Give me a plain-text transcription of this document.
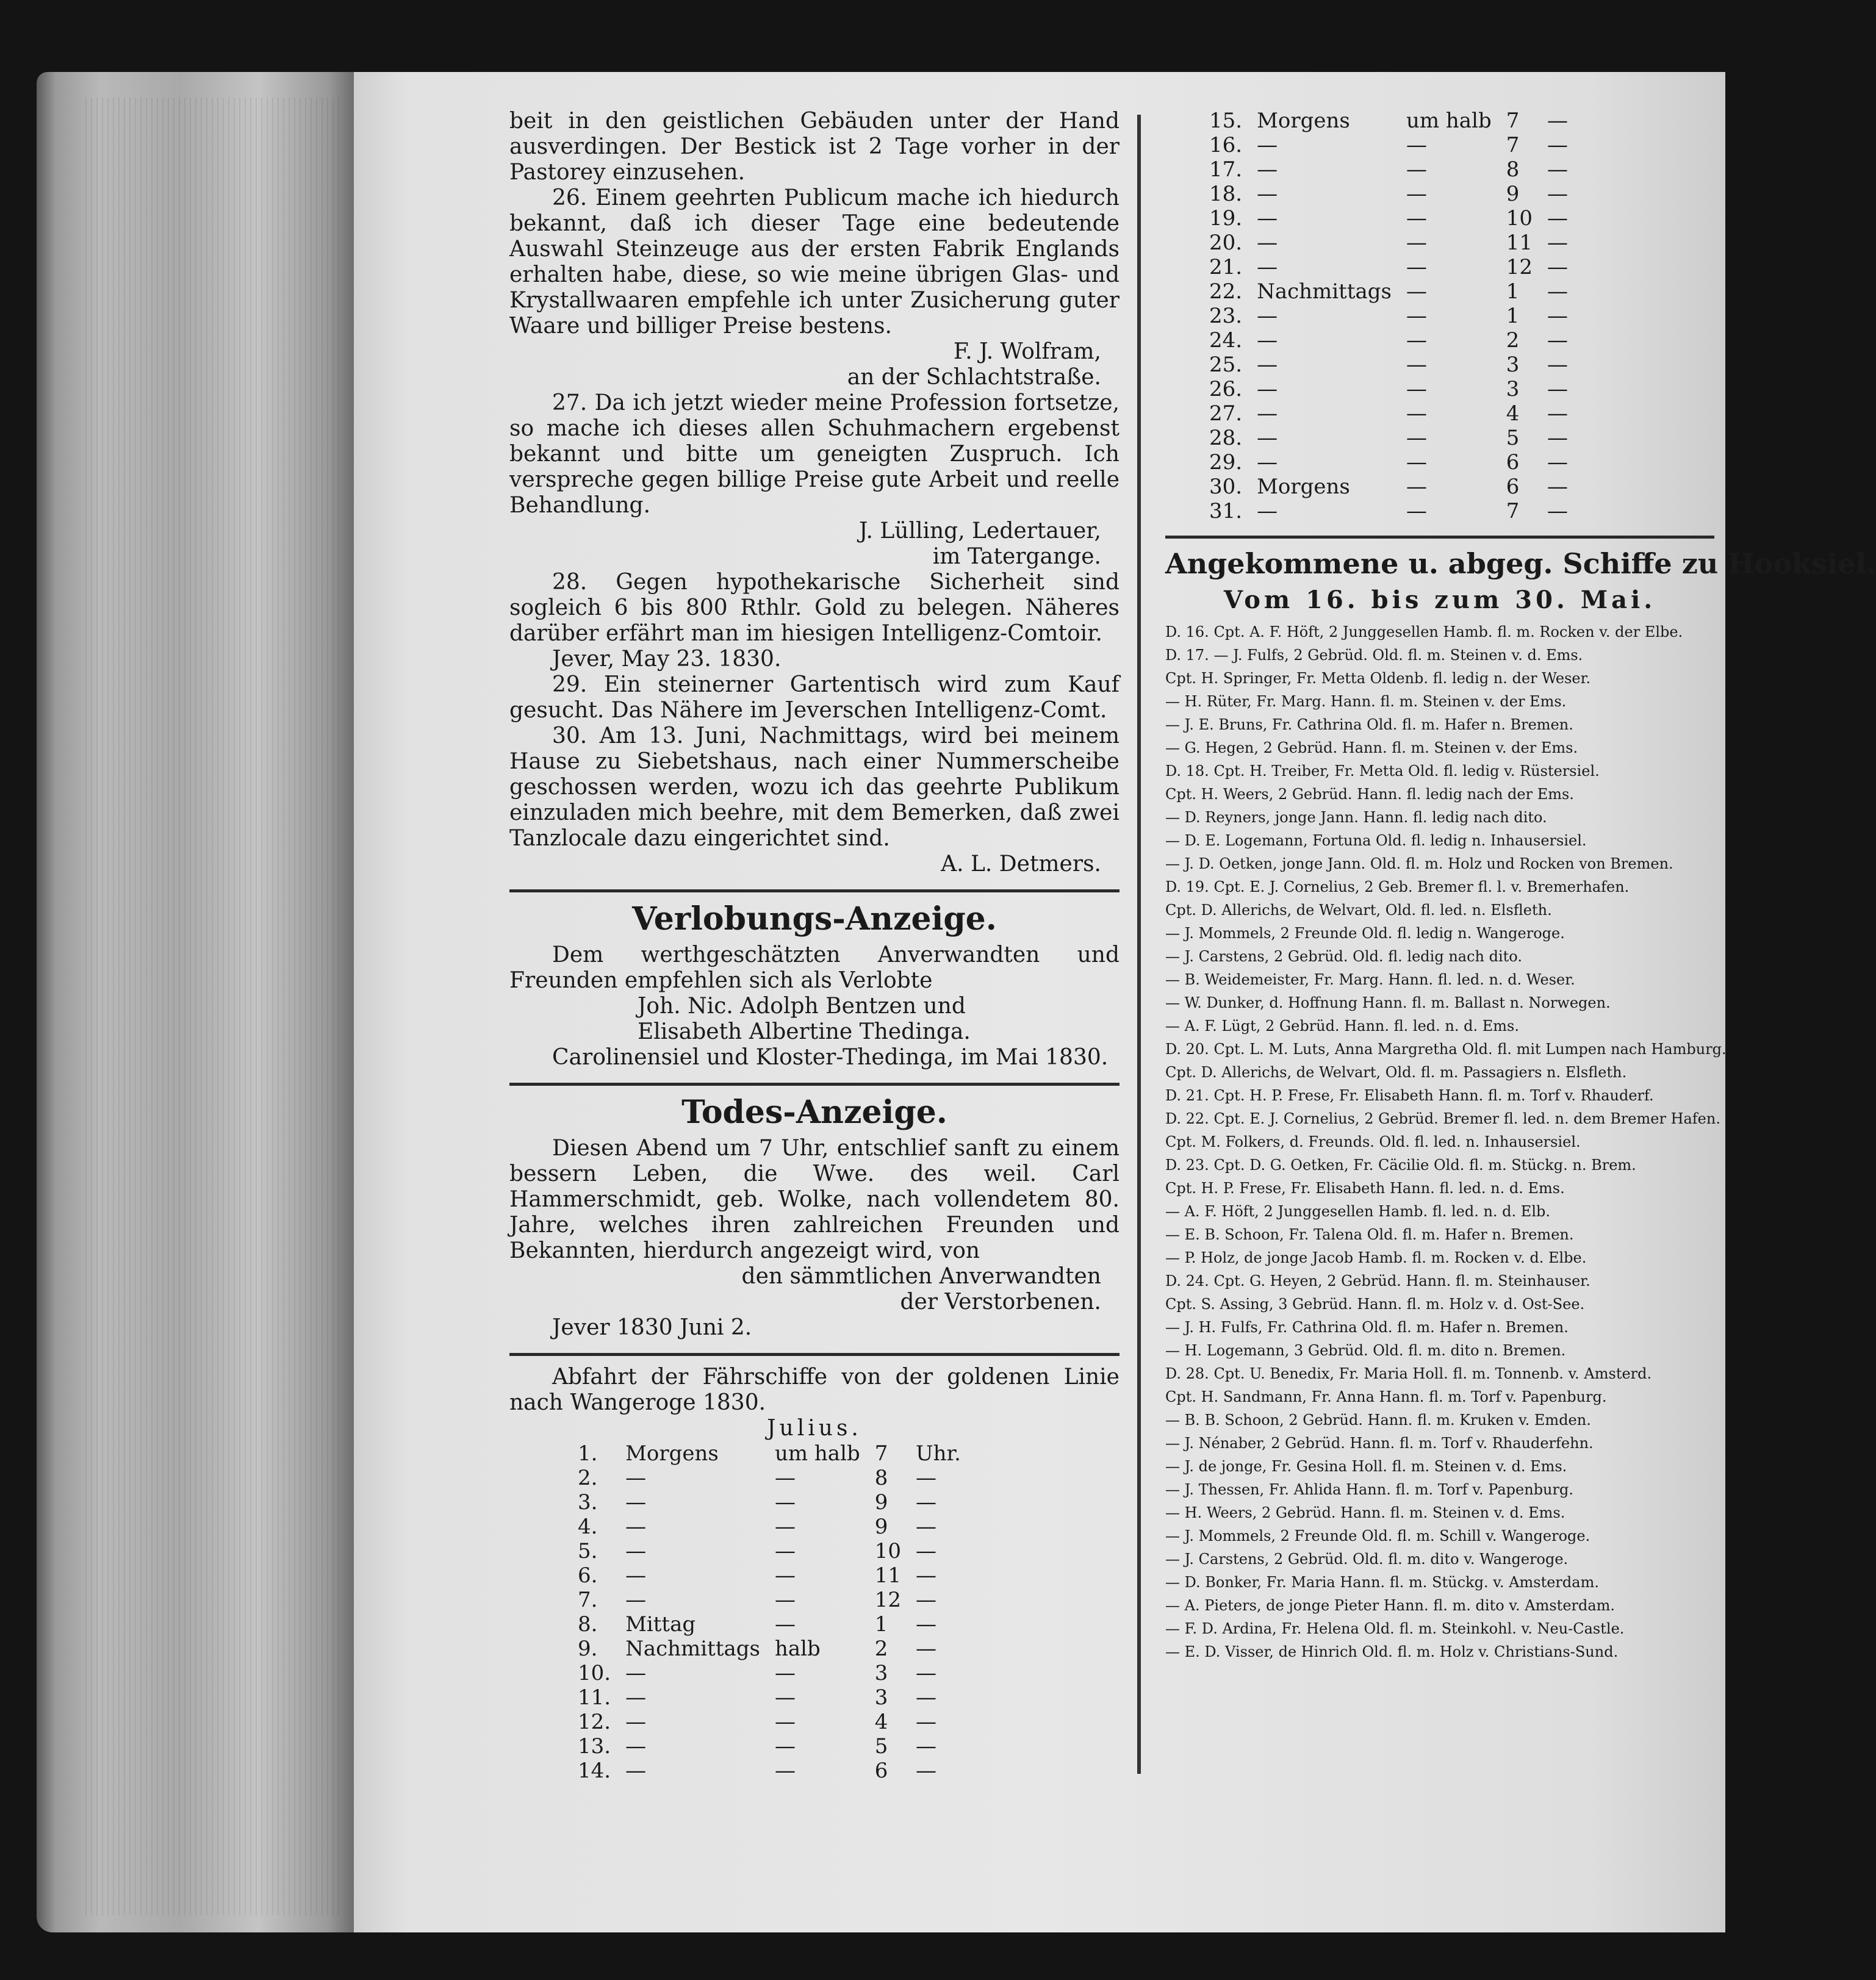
beit in den geistlichen Gebäuden unter der Hand ausverdingen. Der Bestick ist 2 Tage vorher in der Pastorey einzusehen.

26. Einem geehrten Publicum mache ich hiedurch bekannt, daß ich dieser Tage eine bedeutende Auswahl Steinzeuge aus der ersten Fabrik Englands erhalten habe, diese, so wie meine übrigen Glas- und Krystallwaaren empfehle ich unter Zusicherung guter Waare und billiger Preise bestens.

F. J. Wolfram,

an der Schlachtstraße.

27. Da ich jetzt wieder meine Profession fortsetze, so mache ich dieses allen Schuhmachern ergebenst bekannt und bitte um geneigten Zuspruch. Ich verspreche gegen billige Preise gute Arbeit und reelle Behandlung.

J. Lülling, Ledertauer,

im Tatergange.

28. Gegen hypothekarische Sicherheit sind sogleich 6 bis 800 Rthlr. Gold zu belegen. Näheres darüber erfährt man im hiesigen Intelligenz-Comtoir.

Jever, May 23. 1830.

29. Ein steinerner Gartentisch wird zum Kauf gesucht. Das Nähere im Jeverschen Intelligenz-Comt.

30. Am 13. Juni, Nachmittags, wird bei meinem Hause zu Siebetshaus, nach einer Nummerscheibe geschossen werden, wozu ich das geehrte Publikum einzuladen mich beehre, mit dem Bemerken, daß zwei Tanzlocale dazu eingerichtet sind.

A. L. Detmers.

Verlobungs-Anzeige.

Dem werthgeschätzten Anverwandten und Freunden empfehlen sich als Verlobte

Joh. Nic. Adolph Bentzen und

Elisabeth Albertine Thedinga.

Carolinensiel und Kloster-Thedinga, im Mai 1830.

Todes-Anzeige.

Diesen Abend um 7 Uhr, entschlief sanft zu einem bessern Leben, die Wwe. des weil. Carl Hammerschmidt, geb. Wolke, nach vollendetem 80. Jahre, welches ihren zahlreichen Freunden und Bekannten, hierdurch angezeigt wird, von

den sämmtlichen Anverwandten

der Verstorbenen.

Jever 1830 Juni 2.

Abfahrt der Fährschiffe von der goldenen Linie nach Wangeroge 1830.

Julius.

1.	Morgens	um halb	7	Uhr.
2.	—	—	8	—
3.	—	—	9	—
4.	—	—	9	—
5.	—	—	10	—
6.	—	—	11	—
7.	—	—	12	—
8.	Mittag	—	1	—
9.	Nachmittags	halb	2	—
10.	—	—	3	—
11.	—	—	3	—
12.	—	—	4	—
13.	—	—	5	—
14.	—	—	6	—
15.	Morgens	um halb	7	—
16.	—	—	7	—
17.	—	—	8	—
18.	—	—	9	—
19.	—	—	10	—
20.	—	—	11	—
21.	—	—	12	—
22.	Nachmittags	—	1	—
23.	—	—	1	—
24.	—	—	2	—
25.	—	—	3	—
26.	—	—	3	—
27.	—	—	4	—
28.	—	—	5	—
29.	—	—	6	—
30.	Morgens	—	6	—
31.	—	—	7	—
Angekommene u. abgeg. Schiffe zu Hooksiel.
Vom 16. bis zum 30. Mai.

D. 16. Cpt. A. F. Höft, 2 Junggesellen Hamb. fl. m. Rocken v. der Elbe.

D. 17. — J. Fulfs, 2 Gebrüd. Old. fl. m. Steinen v. d. Ems.

Cpt. H. Springer, Fr. Metta Oldenb. fl. ledig n. der Weser.

— H. Rüter, Fr. Marg. Hann. fl. m. Steinen v. der Ems.

— J. E. Bruns, Fr. Cathrina Old. fl. m. Hafer n. Bremen.

— G. Hegen, 2 Gebrüd. Hann. fl. m. Steinen v. der Ems.

D. 18. Cpt. H. Treiber, Fr. Metta Old. fl. ledig v. Rüstersiel.

Cpt. H. Weers, 2 Gebrüd. Hann. fl. ledig nach der Ems.

— D. Reyners, jonge Jann. Hann. fl. ledig nach dito.

— D. E. Logemann, Fortuna Old. fl. ledig n. Inhausersiel.

— J. D. Oetken, jonge Jann. Old. fl. m. Holz und Rocken von Bremen.

D. 19. Cpt. E. J. Cornelius, 2 Geb. Bremer fl. l. v. Bremerhafen.

Cpt. D. Allerichs, de Welvart, Old. fl. led. n. Elsfleth.

— J. Mommels, 2 Freunde Old. fl. ledig n. Wangeroge.

— J. Carstens, 2 Gebrüd. Old. fl. ledig nach dito.

— B. Weidemeister, Fr. Marg. Hann. fl. led. n. d. Weser.

— W. Dunker, d. Hoffnung Hann. fl. m. Ballast n. Norwegen.

— A. F. Lügt, 2 Gebrüd. Hann. fl. led. n. d. Ems.

D. 20. Cpt. L. M. Luts, Anna Margretha Old. fl. mit Lumpen nach Hamburg.

Cpt. D. Allerichs, de Welvart, Old. fl. m. Passagiers n. Elsfleth.

D. 21. Cpt. H. P. Frese, Fr. Elisabeth Hann. fl. m. Torf v. Rhauderf.

D. 22. Cpt. E. J. Cornelius, 2 Gebrüd. Bremer fl. led. n. dem Bremer Hafen.

Cpt. M. Folkers, d. Freunds. Old. fl. led. n. Inhausersiel.

D. 23. Cpt. D. G. Oetken, Fr. Cäcilie Old. fl. m. Stückg. n. Brem.

Cpt. H. P. Frese, Fr. Elisabeth Hann. fl. led. n. d. Ems.

— A. F. Höft, 2 Junggesellen Hamb. fl. led. n. d. Elb.

— E. B. Schoon, Fr. Talena Old. fl. m. Hafer n. Bremen.

— P. Holz, de jonge Jacob Hamb. fl. m. Rocken v. d. Elbe.

D. 24. Cpt. G. Heyen, 2 Gebrüd. Hann. fl. m. Steinhauser.

Cpt. S. Assing, 3 Gebrüd. Hann. fl. m. Holz v. d. Ost-See.

— J. H. Fulfs, Fr. Cathrina Old. fl. m. Hafer n. Bremen.

— H. Logemann, 3 Gebrüd. Old. fl. m. dito n. Bremen.

D. 28. Cpt. U. Benedix, Fr. Maria Holl. fl. m. Tonnenb. v. Amsterd.

Cpt. H. Sandmann, Fr. Anna Hann. fl. m. Torf v. Papenburg.

— B. B. Schoon, 2 Gebrüd. Hann. fl. m. Kruken v. Emden.

— J. Nénaber, 2 Gebrüd. Hann. fl. m. Torf v. Rhauderfehn.

— J. de jonge, Fr. Gesina Holl. fl. m. Steinen v. d. Ems.

— J. Thessen, Fr. Ahlida Hann. fl. m. Torf v. Papenburg.

— H. Weers, 2 Gebrüd. Hann. fl. m. Steinen v. d. Ems.

— J. Mommels, 2 Freunde Old. fl. m. Schill v. Wangeroge.

— J. Carstens, 2 Gebrüd. Old. fl. m. dito v. Wangeroge.

— D. Bonker, Fr. Maria Hann. fl. m. Stückg. v. Amsterdam.

— A. Pieters, de jonge Pieter Hann. fl. m. dito v. Amsterdam.

— F. D. Ardina, Fr. Helena Old. fl. m. Steinkohl. v. Neu-Castle.

— E. D. Visser, de Hinrich Old. fl. m. Holz v. Christians-Sund.
